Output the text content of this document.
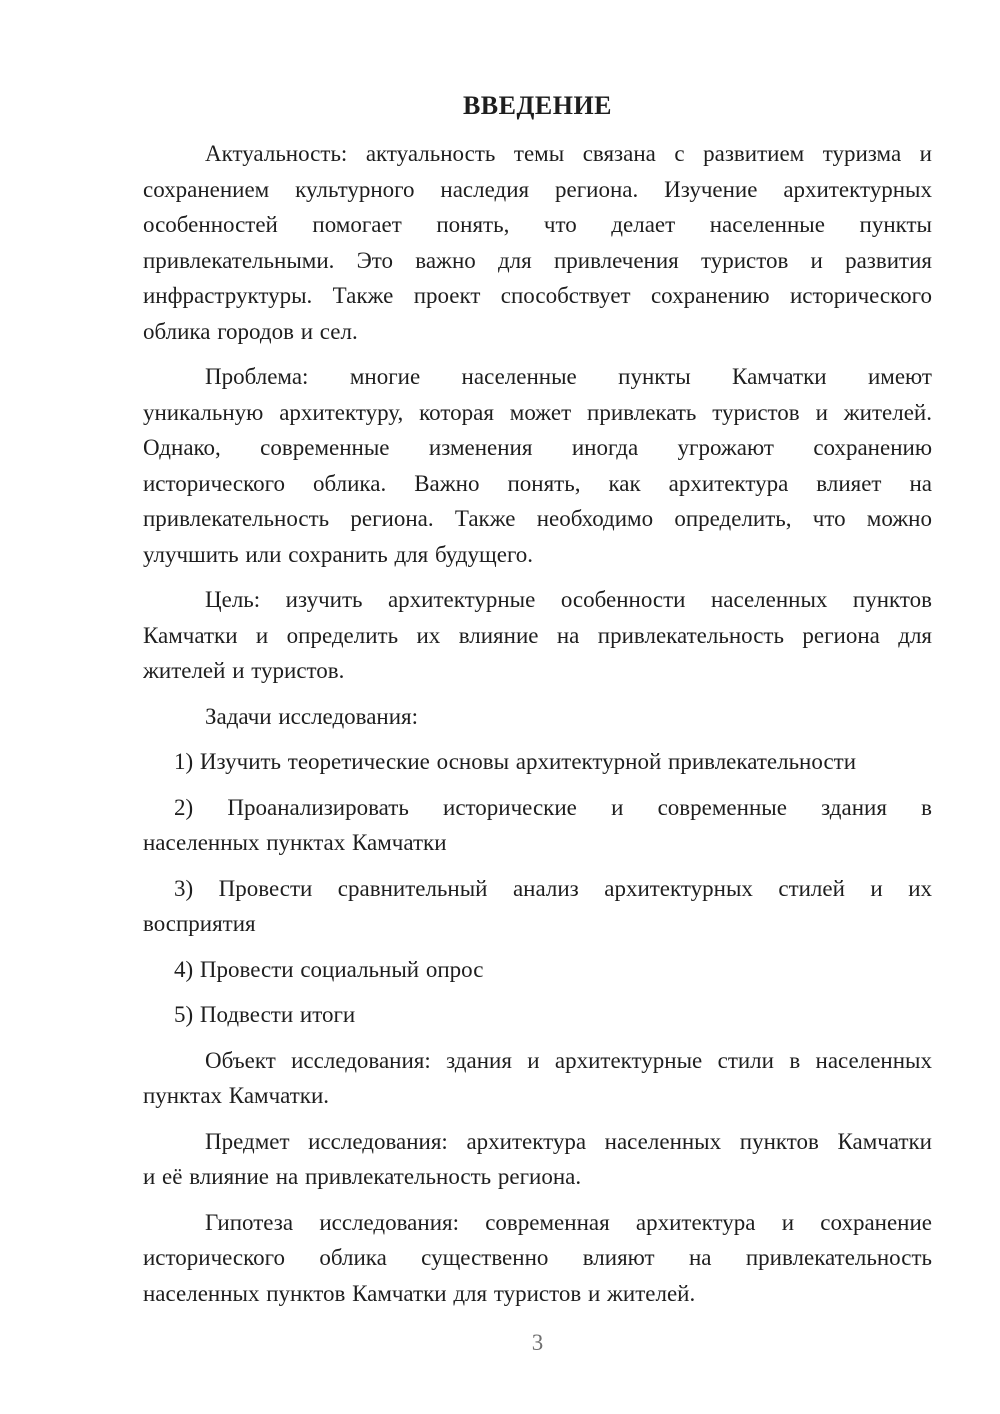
ВВЕДЕНИЕ
Актуальность: актуальность темы связана с развитием туризма и
сохранением культурного наследия региона. Изучение архитектурных
особенностей помогает понять, что делает населенные пункты
привлекательными. Это важно для привлечения туристов и развития
инфраструктуры. Также проект способствует сохранению исторического
облика городов и сел.
Проблема: многие населенные пункты Камчатки имеют
уникальную архитектуру, которая может привлекать туристов и жителей.
Однако, современные изменения иногда угрожают сохранению
исторического облика. Важно понять, как архитектура влияет на
привлекательность региона. Также необходимо определить, что можно
улучшить или сохранить для будущего.
Цель: изучить архитектурные особенности населенных пунктов
Камчатки и определить их влияние на привлекательность региона для
жителей и туристов.
Задачи исследования:
1) Изучить теоретические основы архитектурной привлекательности
2) Проанализировать исторические и современные здания в
населенных пунктах Камчатки
3) Провести сравнительный анализ архитектурных стилей и их
восприятия
4) Провести социальный опрос
5) Подвести итоги
Объект исследования: здания и архитектурные стили в населенных
пунктах Камчатки.
Предмет исследования: архитектура населенных пунктов Камчатки
и её влияние на привлекательность региона.
Гипотеза исследования: современная архитектура и сохранение
исторического облика существенно влияют на привлекательность
населенных пунктов Камчатки для туристов и жителей.
3
